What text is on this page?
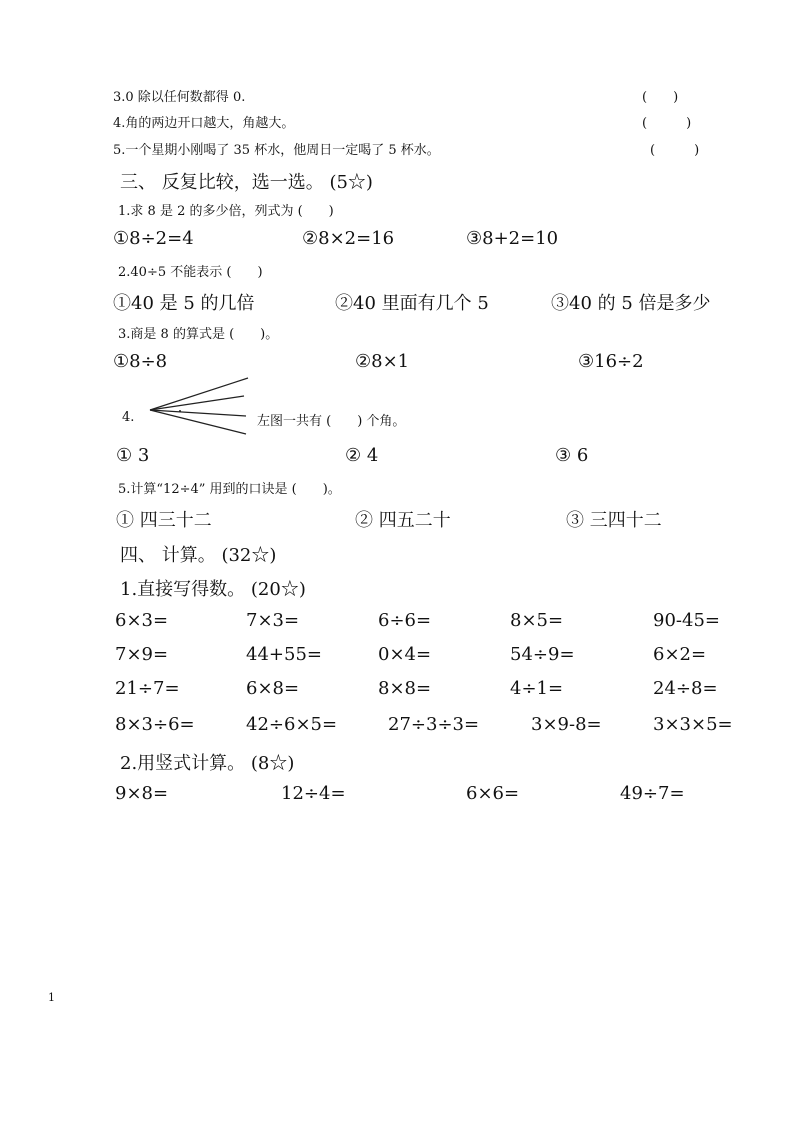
3.0 除以任何数都得 0.	(　　)
4.角的两边开口越大，角越大。	(　　　)
5.一个星期小刚喝了 35 杯水，他周日一定喝了 5 杯水。	(　　　)
三、 反复比较，选一选。 (5☆)
1.求 8 是 2 的多少倍，列式为 (　　)
①8÷2=4	②8×2=16	③8+2=10
2.40÷5 不能表示 (　　)
①40 是 5 的几倍	②40 里面有几个 5	③40 的 5 倍是多少
3.商是 8 的算式是 (　　)。
①8÷8	②8×1	③16÷2
4.	左图一共有 (　　) 个角。
① 3	② 4	③ 6
5.计算“12÷4” 用到的口诀是 (　　)。
① 四三十二	② 四五二十	③ 三四十二
四、 计算。 (32☆)
1.直接写得数。 (20☆)
6×3=	7×3=	6÷6=	8×5=	90-45=
7×9=	44+55=	0×4=	54÷9=	6×2=
21÷7=	6×8=	8×8=	4÷1=	24÷8=
8×3÷6=	42÷6×5=	27÷3÷3=	3×9-8=	3×3×5=
2.用竖式计算。 (8☆)
9×8=	12÷4=	6×6=	49÷7=
1
